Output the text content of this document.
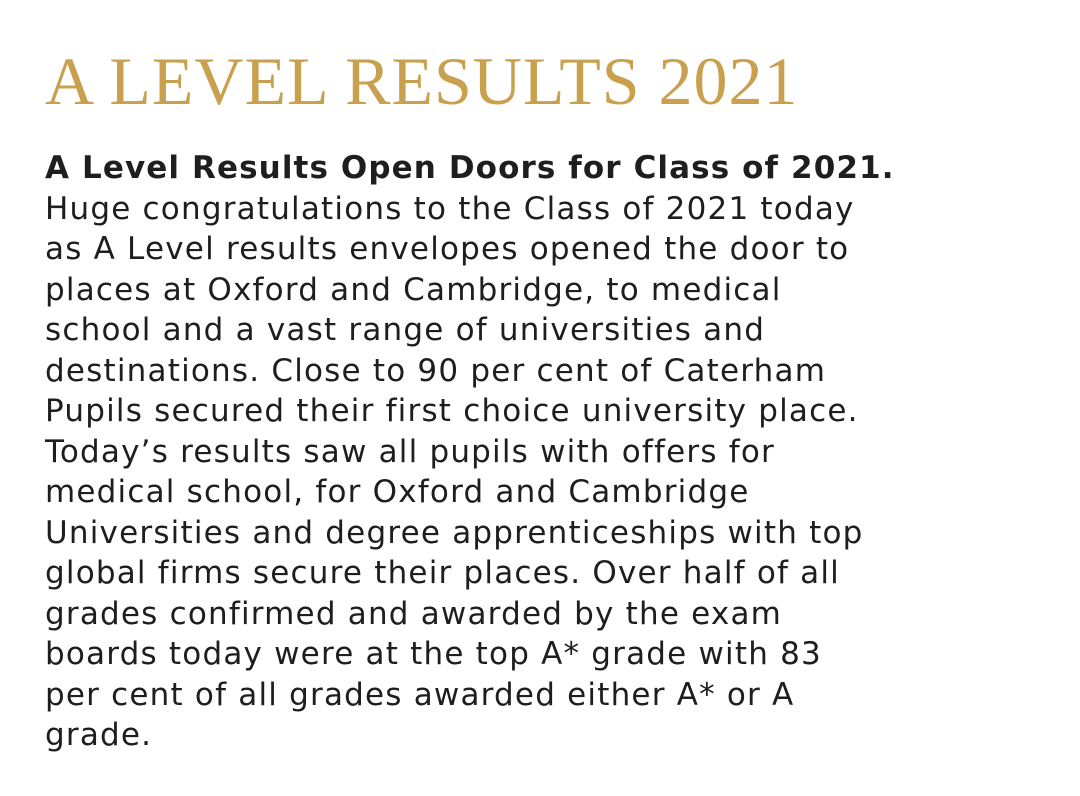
A LEVEL RESULTS 2021
A Level Results Open Doors for Class of 2021.
Huge congratulations to the Class of 2021 today
as A Level results envelopes opened the door to
places at Oxford and Cambridge, to medical
school and a vast range of universities and
destinations. Close to 90 per cent of Caterham
Pupils secured their first choice university place.
Today’s results saw all pupils with offers for
medical school, for Oxford and Cambridge
Universities and degree apprenticeships with top
global firms secure their places. Over half of all
grades confirmed and awarded by the exam
boards today were at the top A* grade with 83
per cent of all grades awarded either A* or A
grade.
